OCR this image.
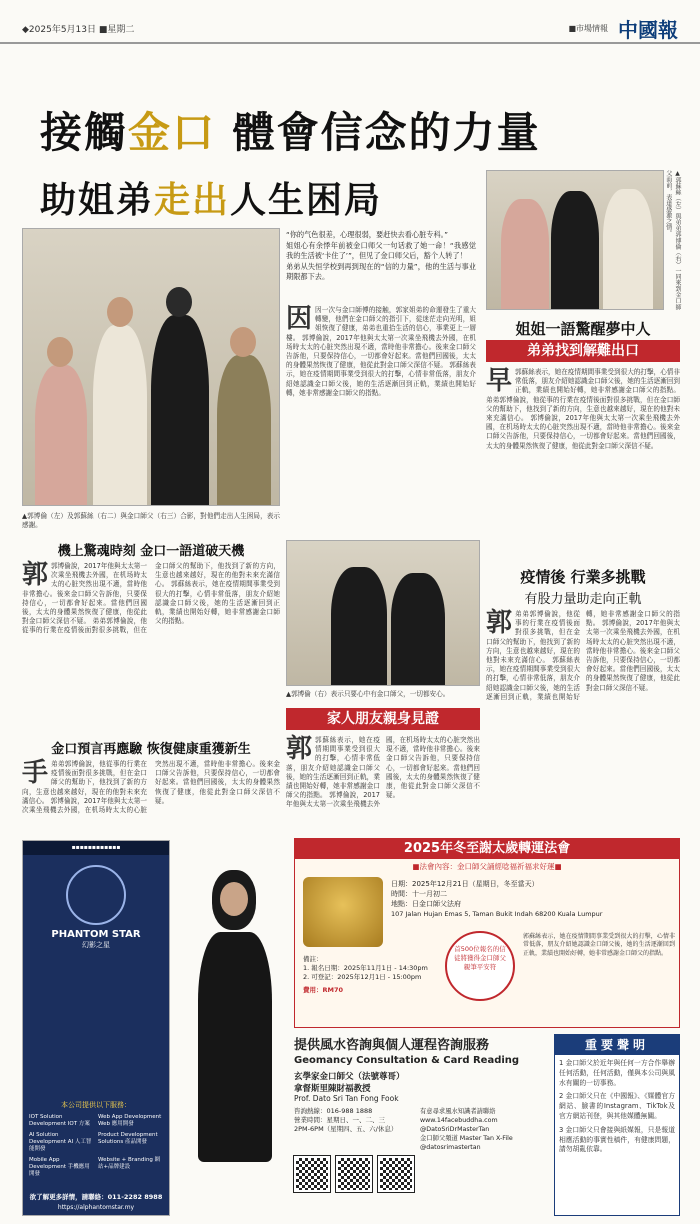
◆2025年5月13日 ■星期二	■市場情報 中國報
接觸金口 體會信念的力量
助姐弟走出人生困局
▲郭博倫（左）及郭蘇絲（右二）與金口師父（右三）合影，對他們走出人生困局，表示感謝。
“你的气色很差，心理很弱，要赶快去看心脏专科。”
姐姐心有余悸年前被金口师父一句话救了她一命！“我感觉我的生活被‘卡住了’”，但见了金口师父后，豁个人转了！
弟弟从失恒学校到再到现在的“信的力量”，他的生活与事业期限都下去。
因因一次与金口師傅的接触，郭家姐弟的命運發生了重大轉變，他們在金口師父的指引下，從迷茫走向光明，姐姐恢復了健康，弟弟也重拾生活的信心，事業更上一層樓。 郭博倫說，2017年他與太太第一次乘坐飛機去外國，在机场時太太的心脏突然出現不適，當時他非常擔心。後來金口師父告訴他，只要保持信心，一切都會好起來。當他們回國後，太太的身體果然恢復了健康，他從此對金口師父深信不疑。 郭蘇絲表示，她在疫情期間事業受到很大的打擊，心情非常低落，朋友介紹她認識金口師父後，她的生活逐漸回到正軌，業績也開始好轉，她非常感謝金口師父的指點。
▲郭蘇絲（左）與弟弟郭博倫（右）一同來到金口師父面前，表達感激之情。
姐姐一語驚醒夢中人
弟弟找到解難出口
早郭蘇絲表示，她在疫情期間事業受到很大的打擊，心情非常低落，朋友介紹她認識金口師父後，她的生活逐漸回到正軌，業績也開始好轉，她非常感謝金口師父的指點。 弟弟郭博倫說，他從事的行業在疫情後面對很多挑戰，但在金口師父的幫助下，他找到了新的方向，生意也越來越好，現在的他對未來充滿信心。 郭博倫說，2017年他與太太第一次乘坐飛機去外國，在机场時太太的心脏突然出現不適，當時他非常擔心。後來金口師父告訴他，只要保持信心，一切都會好起來。當他們回國後，太太的身體果然恢復了健康，他從此對金口師父深信不疑。
機上驚魂時刻 金口一語道破天機
郭郭博倫說，2017年他與太太第一次乘坐飛機去外國，在机场時太太的心脏突然出現不適，當時他非常擔心。後來金口師父告訴他，只要保持信心，一切都會好起來。當他們回國後，太太的身體果然恢復了健康，他從此對金口師父深信不疑。 弟弟郭博倫說，他從事的行業在疫情後面對很多挑戰，但在金口師父的幫助下，他找到了新的方向，生意也越來越好，現在的他對未來充滿信心。 郭蘇絲表示，她在疫情期間事業受到很大的打擊，心情非常低落，朋友介紹她認識金口師父後，她的生活逐漸回到正軌，業績也開始好轉，她非常感謝金口師父的指點。
▲郭博倫（右）表示只要心中有金口師父，一切都安心。
疫情後 行業多挑戰
有股力量助走向正軌
郭弟弟郭博倫說，他從事的行業在疫情後面對很多挑戰，但在金口師父的幫助下，他找到了新的方向，生意也越來越好，現在的他對未來充滿信心。 郭蘇絲表示，她在疫情期間事業受到很大的打擊，心情非常低落，朋友介紹她認識金口師父後，她的生活逐漸回到正軌，業績也開始好轉，她非常感謝金口師父的指點。 郭博倫說，2017年他與太太第一次乘坐飛機去外國，在机场時太太的心脏突然出現不適，當時他非常擔心。後來金口師父告訴他，只要保持信心，一切都會好起來。當他們回國後，太太的身體果然恢復了健康，他從此對金口師父深信不疑。
家人朋友親身見證
郭郭蘇絲表示，她在疫情期間事業受到很大的打擊，心情非常低落，朋友介紹她認識金口師父後，她的生活逐漸回到正軌，業績也開始好轉，她非常感謝金口師父的指點。 郭博倫說，2017年他與太太第一次乘坐飛機去外國，在机场時太太的心脏突然出現不適，當時他非常擔心。後來金口師父告訴他，只要保持信心，一切都會好起來。當他們回國後，太太的身體果然恢復了健康，他從此對金口師父深信不疑。
金口預言再應驗 恢復健康重獲新生
手弟弟郭博倫說，他從事的行業在疫情後面對很多挑戰，但在金口師父的幫助下，他找到了新的方向，生意也越來越好，現在的他對未來充滿信心。 郭博倫說，2017年他與太太第一次乘坐飛機去外國，在机场時太太的心脏突然出現不適，當時他非常擔心。後來金口師父告訴他，只要保持信心，一切都會好起來。當他們回國後，太太的身體果然恢復了健康，他從此對金口師父深信不疑。
▪▪▪▪▪▪▪▪▪▪▪▪
PHANTOM STAR
幻影之星
本公司提供以下服務：
IOT Solution Development IOT 方案
Web App Development Web 應用開發
AI Solution Development AI 人工智能開發
Product Development Solutions 產品開發
Mobile App Development 手機應用開發
Website + Branding 網站+品牌建設
欲了解更多詳情，請聯絡：011-2282 8988
https://alphantomstar.my
2025年冬至謝太歲轉運法會
■法會內容：金口師父誦經唸福祈福求好運■
日期：2025年12月21日（星期日，冬至當天）
時間：十一月初二
地點：日金口師父法府
107 Jalan Hujan Emas 5, Taman Bukit Indah 68200 Kuala Lumpur
首500位報名的信徒將獲得金口師父親筆平安符
備註：
1. 報名日期：2025年11月1日 - 14:30pm
2. 可登記：2025年12月1日 - 15:00pm
費用：RM70
郭蘇絲表示，她在疫情期間事業受到很大的打擊，心情非常低落，朋友介紹她認識金口師父後，她的生活逐漸回到正軌，業績也開始好轉，她非常感謝金口師父的指點。
提供風水咨詢與個人運程咨詢服務
Geomancy Consultation & Card Reading
玄學家金口師父（法號尊哥）
拿督斯里陳財福教授
Prof. Dato Sri Tan Fong Fook
咨詢熱線：016-988 1888
營業時間：星期日、一、二、三
2PM-6PM（星期四、五、六/休息）
有意尋求風水知識者請聯絡
www.14facebuddha.com
@DatoSriDrMasterTan
金口師父頻道 Master Tan X-File
@datosrimastertan
重要聲明
1 金口師父於近年與任何一方合作舉辦任何活動，任何活動，僅與本公司與風水有關的一切事務。
2 金口師父只在《中國報》、《媒體官方網站、臉書的Instagram、TikTok及官方網站刊登，與其他媒體無關。
3 金口師父只會接與紙媒報，只是報道相應活動的事實性稿件，有健康問題，請勿胡亂依靠。
